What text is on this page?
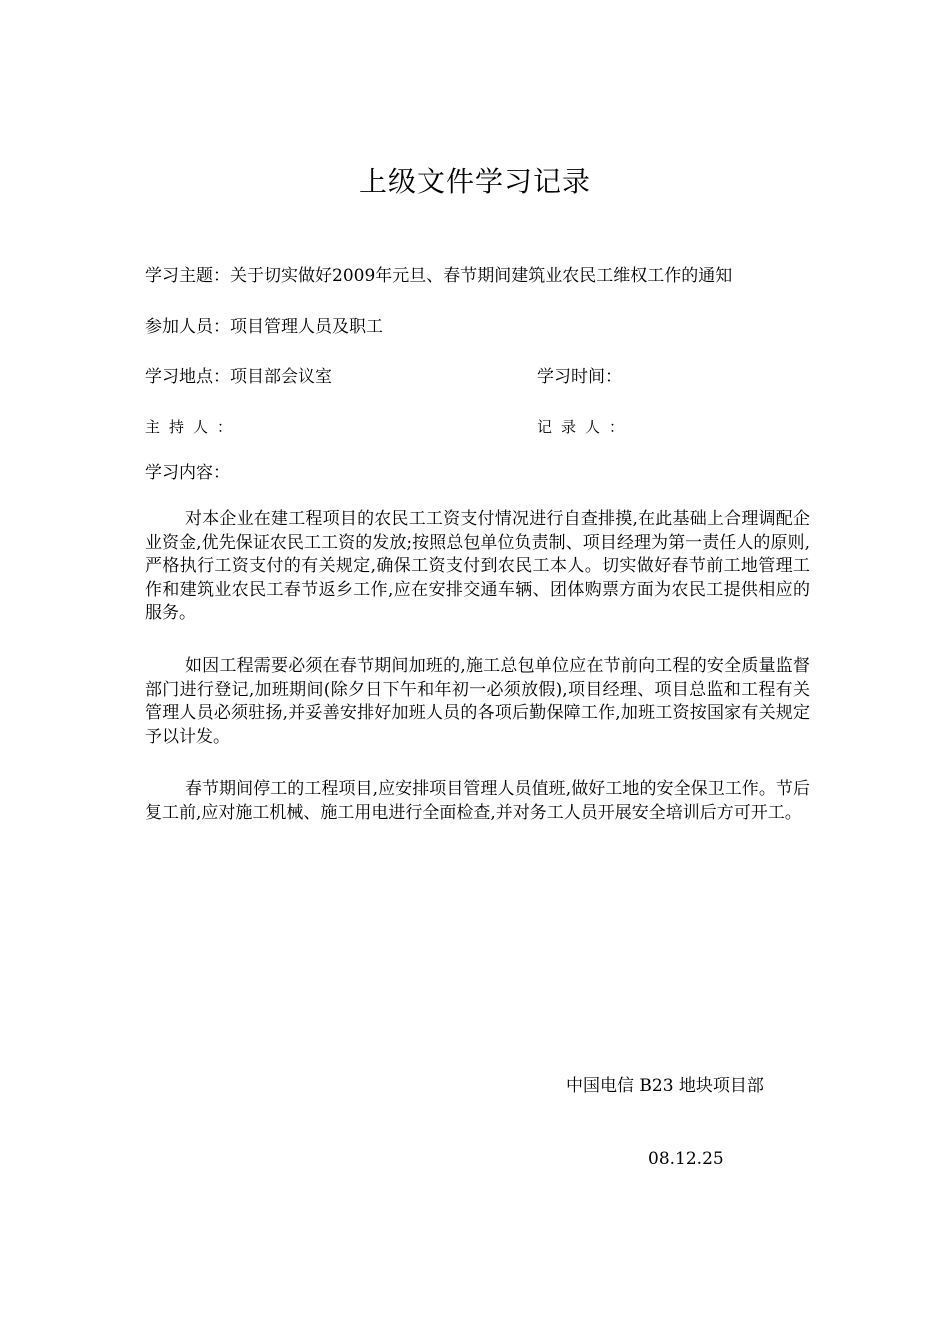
上级文件学习记录
学习主题：关于切实做好2009年元旦、春节期间建筑业农民工维权工作的通知
参加人员：项目管理人员及职工
学习地点：项目部会议室	学习时间：
主持人：	记录人：
学习内容：
对本企业在建工程项目的农民工工资支付情况进行自查排摸,在此基础上合理调配企业资金,优先保证农民工工资的发放;按照总包单位负责制、项目经理为第一责任人的原则,严格执行工资支付的有关规定,确保工资支付到农民工本人。切实做好春节前工地管理工作和建筑业农民工春节返乡工作,应在安排交通车辆、团体购票方面为农民工提供相应的服务。
如因工程需要必须在春节期间加班的,施工总包单位应在节前向工程的安全质量监督部门进行登记,加班期间(除夕日下午和年初一必须放假),项目经理、项目总监和工程有关管理人员必须驻扬,并妥善安排好加班人员的各项后勤保障工作,加班工资按国家有关规定予以计发。
春节期间停工的工程项目,应安排项目管理人员值班,做好工地的安全保卫工作。节后复工前,应对施工机械、施工用电进行全面检查,并对务工人员开展安全培训后方可开工。
中国电信 B23 地块项目部
08.12.25
